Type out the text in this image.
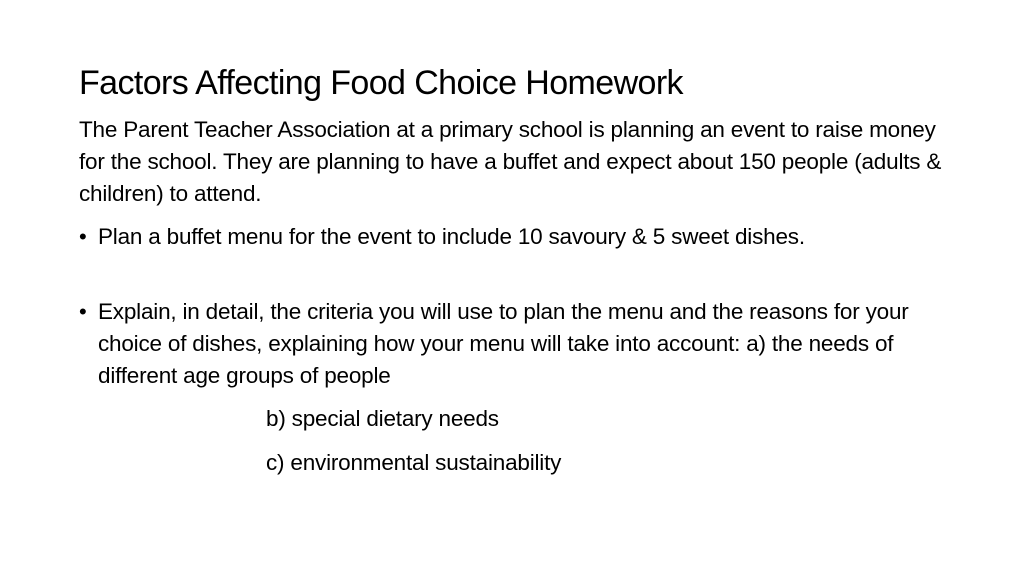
Factors Affecting Food Choice Homework
The Parent Teacher Association at a primary school is planning an event to raise money for the school. They are planning to have a buffet and expect about 150 people (adults & children) to attend.
• Plan a buffet menu for the event to include 10 savoury & 5 sweet dishes.
• Explain, in detail, the criteria you will use to plan the menu and the reasons for your choice of dishes, explaining how your menu will take into account: a) the needs of different age groups of people
b) special dietary needs
c) environmental sustainability
